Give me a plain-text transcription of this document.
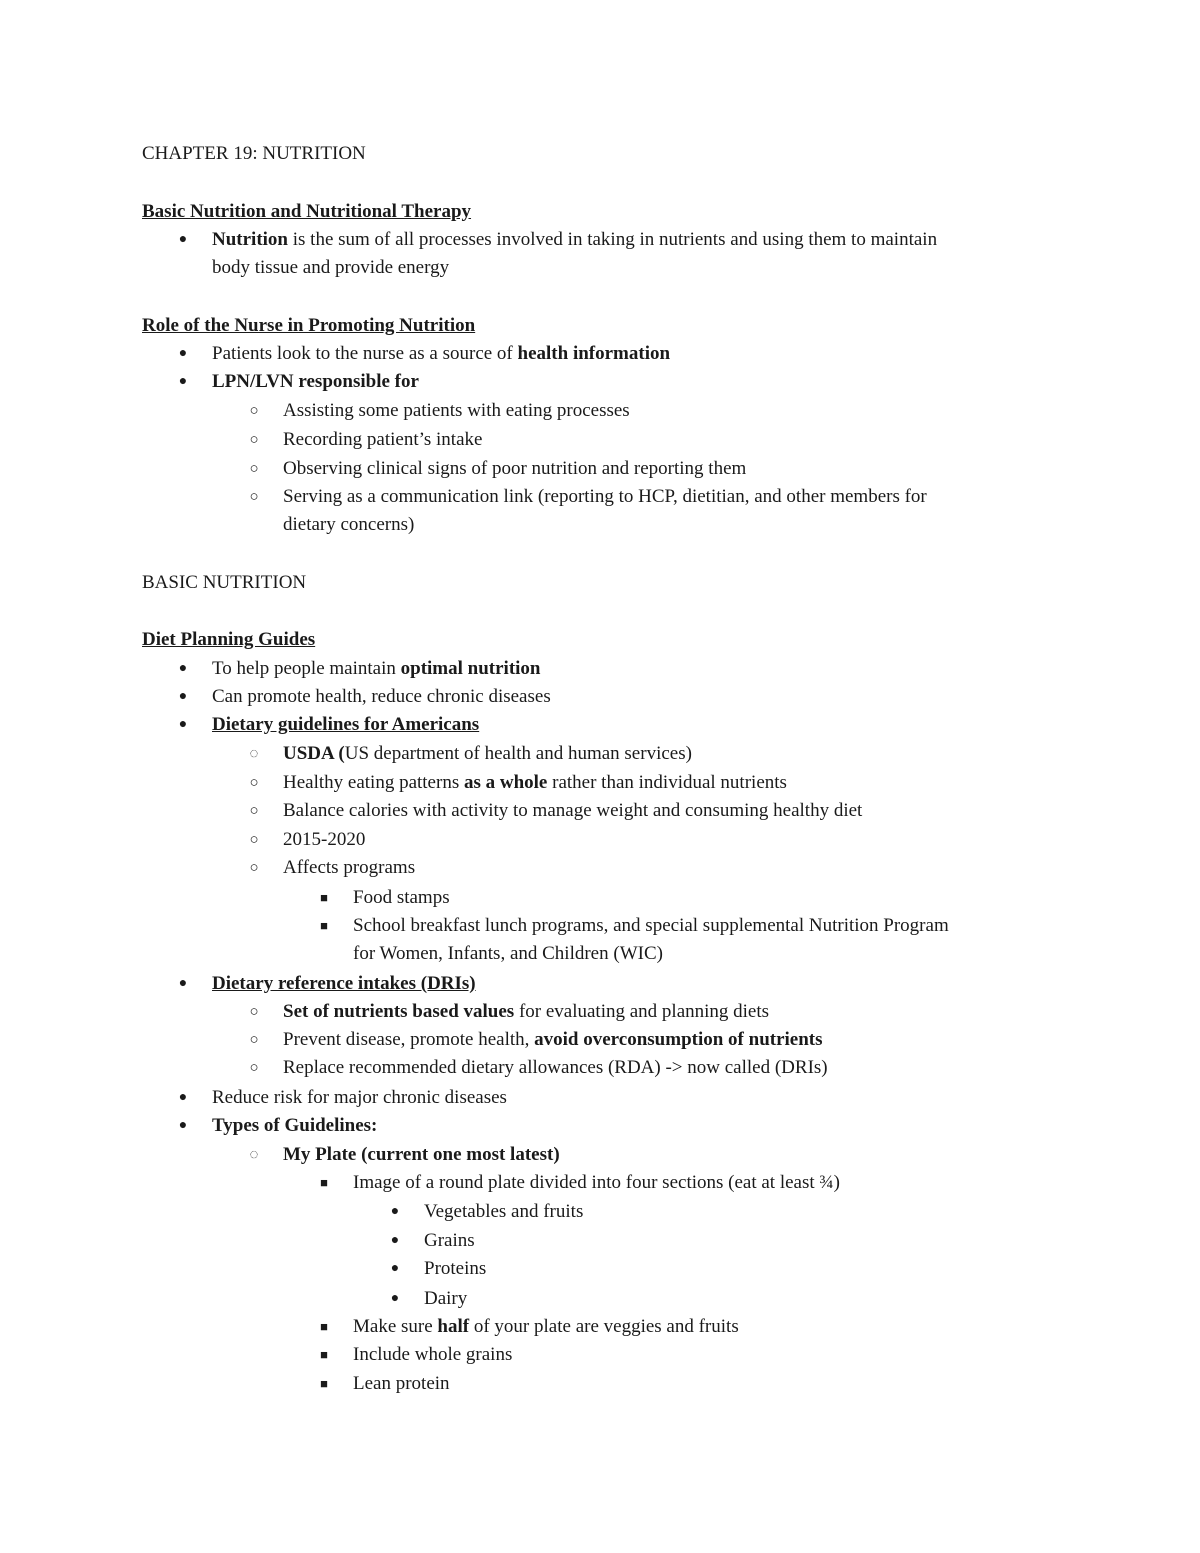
CHAPTER 19: NUTRITION
Basic Nutrition and Nutritional Therapy
● Nutrition is the sum of all processes involved in taking in nutrients and using them to maintain
body tissue and provide energy
Role of the Nurse in Promoting Nutrition
● Patients look to the nurse as a source of health information
● LPN/LVN responsible for
○ Assisting some patients with eating processes
○ Recording patient’s intake
○ Observing clinical signs of poor nutrition and reporting them
○ Serving as a communication link (reporting to HCP, dietitian, and other members for
dietary concerns)
BASIC NUTRITION
Diet Planning Guides
● To help people maintain optimal nutrition
● Can promote health, reduce chronic diseases
● Dietary guidelines for Americans
◌ USDA (US department of health and human services)
○ Healthy eating patterns as a whole rather than individual nutrients
○ Balance calories with activity to manage weight and consuming healthy diet
○ 2015-2020
○ Affects programs
■ Food stamps
■ School breakfast lunch programs, and special supplemental Nutrition Program
for Women, Infants, and Children (WIC)
● Dietary reference intakes (DRIs)
○ Set of nutrients based values for evaluating and planning diets
○ Prevent disease, promote health, avoid overconsumption of nutrients
○ Replace recommended dietary allowances (RDA) -> now called (DRIs)
● Reduce risk for major chronic diseases
● Types of Guidelines:
◌ My Plate (current one most latest)
■ Image of a round plate divided into four sections (eat at least ¾)
● Vegetables and fruits
● Grains
● Proteins
● Dairy
■ Make sure half of your plate are veggies and fruits
■ Include whole grains
■ Lean protein
